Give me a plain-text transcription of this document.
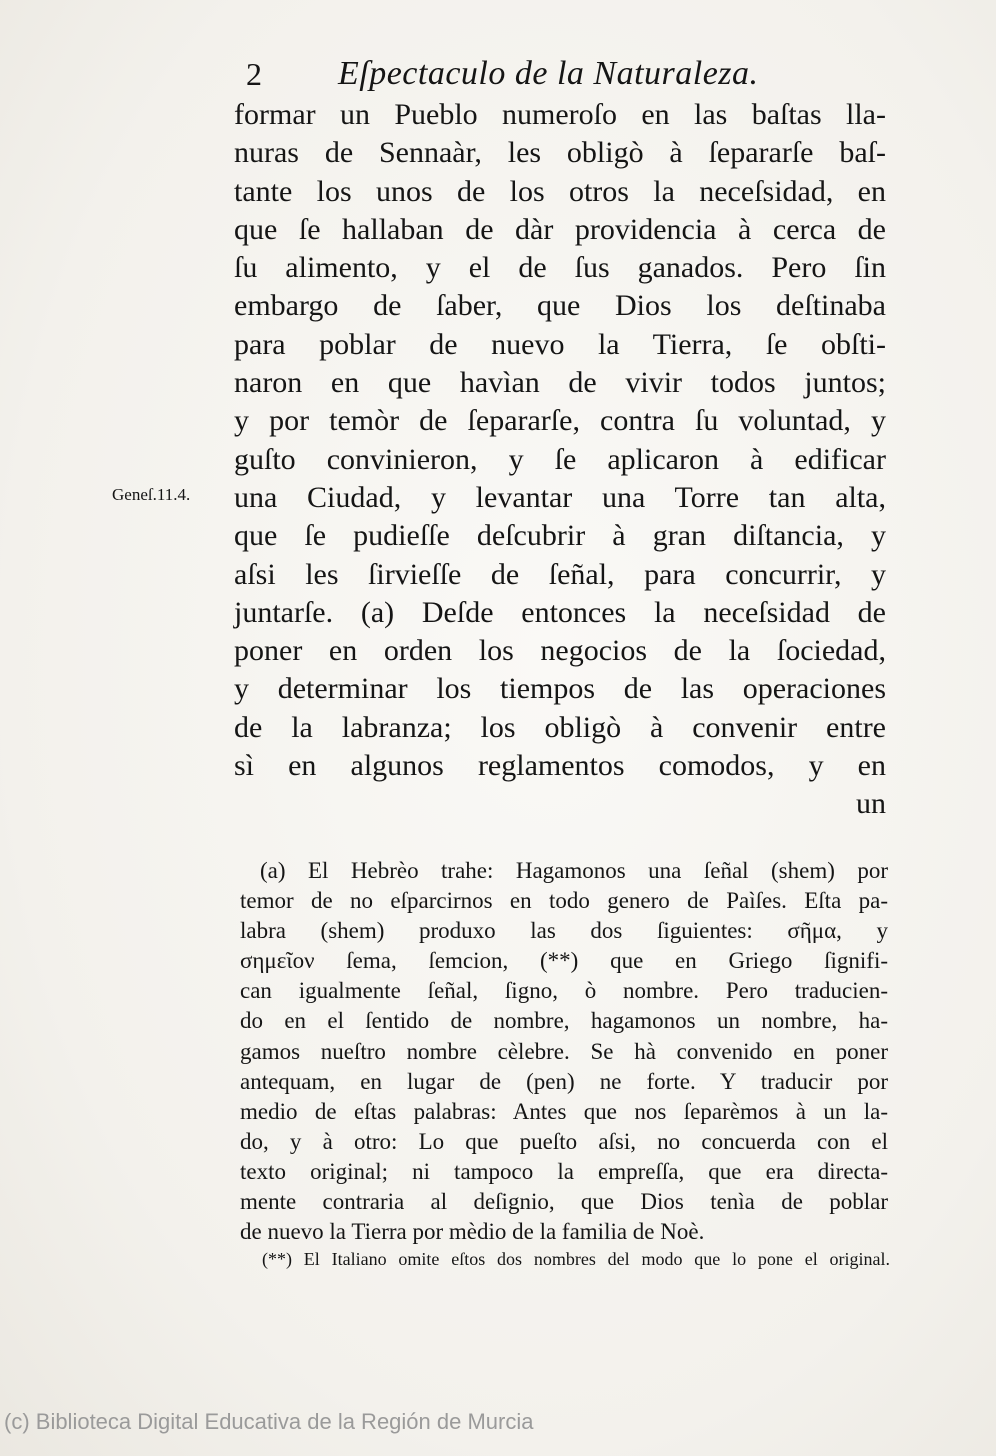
2 Eſpectaculo de la Naturaleza.
Geneſ.11.4.
formar un Pueblo numeroſo en las baſtas lla-
nuras de Sennaàr, les obligò à ſepararſe baſ-
tante los unos de los otros la neceſsidad, en
que ſe hallaban de dàr providencia à cerca de
ſu alimento, y el de ſus ganados. Pero ſin
embargo de ſaber, que Dios los deſtinaba
para poblar de nuevo la Tierra, ſe obſti-
naron en que havìan de vivir todos juntos;
y por temòr de ſepararſe, contra ſu voluntad, y
guſto convinieron, y ſe aplicaron à edificar
una Ciudad, y levantar una Torre tan alta,
que ſe pudieſſe deſcubrir à gran diſtancia, y
aſsi les ſirvieſſe de ſeñal, para concurrir, y
juntarſe. (a) Deſde entonces la neceſsidad de
poner en orden los negocios de la ſociedad,
y determinar los tiempos de las operaciones
de la labranza; los obligò à convenir entre
sì en algunos reglamentos comodos, y en
un
(a) El Hebrèo trahe: Hagamonos una ſeñal (shem) por
temor de no eſparcirnos en todo genero de Paìſes. Eſta pa-
labra (shem) produxo las dos ſiguientes: σῆμα, y
σημεῖον ſema, ſemcion, (**) que en Griego ſignifi-
can igualmente ſeñal, ſigno, ò nombre. Pero traducien-
do en el ſentido de nombre, hagamonos un nombre, ha-
gamos nueſtro nombre cèlebre. Se hà convenido en poner
antequam, en lugar de (pen) ne forte. Y traducir por
medio de eſtas palabras: Antes que nos ſeparèmos à un la-
do, y à otro: Lo que pueſto aſsi, no concuerda con el
texto original; ni tampoco la empreſſa, que era directa-
mente contraria al deſignio, que Dios tenìa de poblar
de nuevo la Tierra por mèdio de la familia de Noè.
(**) El Italiano omite eſtos dos nombres del modo que lo pone el original.
(c) Biblioteca Digital Educativa de la Región de Murcia
